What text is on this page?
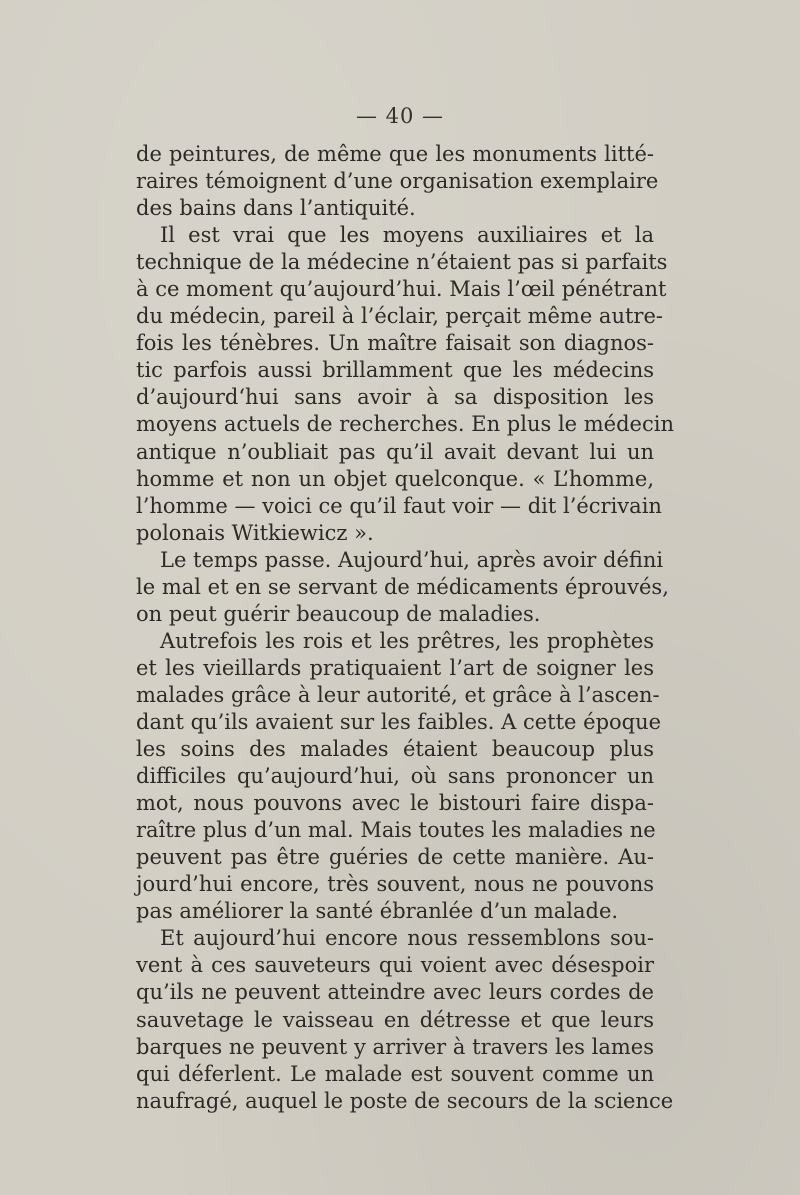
— 40 —
de peintures, de même que les monuments litté-
raires témoignent d’une organisation exemplaire
des bains dans l’antiquité.
Il est vrai que les moyens auxiliaires et la
technique de la médecine n’étaient pas si parfaits
à ce moment qu’aujourd’hui. Mais l’œil pénétrant
du médecin, pareil à l’éclair, perçait même autre-
fois les ténèbres. Un maître faisait son diagnos-
tic parfois aussi brillamment que les médecins
d’aujourd‘hui sans avoir à sa disposition les
moyens actuels de recherches. En plus le médecin
antique n’oubliait pas qu’il avait devant lui un
homme et non un objet quelconque. « L’homme,
l’homme — voici ce qu’il faut voir — dit l’écrivain
polonais Witkiewicz ».
Le temps passe. Aujourd’hui, après avoir défini
le mal et en se servant de médicaments éprouvés,
on peut guérir beaucoup de maladies.
Autrefois les rois et les prêtres, les prophètes
et les vieillards pratiquaient l’art de soigner les
malades grâce à leur autorité, et grâce à l’ascen-
dant qu’ils avaient sur les faibles. A cette époque
les soins des malades étaient beaucoup plus
difficiles qu’aujourd’hui, où sans prononcer un
mot, nous pouvons avec le bistouri faire dispa-
raître plus d’un mal. Mais toutes les maladies ne
peuvent pas être guéries de cette manière. Au-
jourd’hui encore, très souvent, nous ne pouvons
pas améliorer la santé ébranlée d’un malade.
Et aujourd’hui encore nous ressemblons sou-
vent à ces sauveteurs qui voient avec désespoir
qu’ils ne peuvent atteindre avec leurs cordes de
sauvetage le vaisseau en détresse et que leurs
barques ne peuvent y arriver à travers les lames
qui déferlent. Le malade est souvent comme un
naufragé, auquel le poste de secours de la science
